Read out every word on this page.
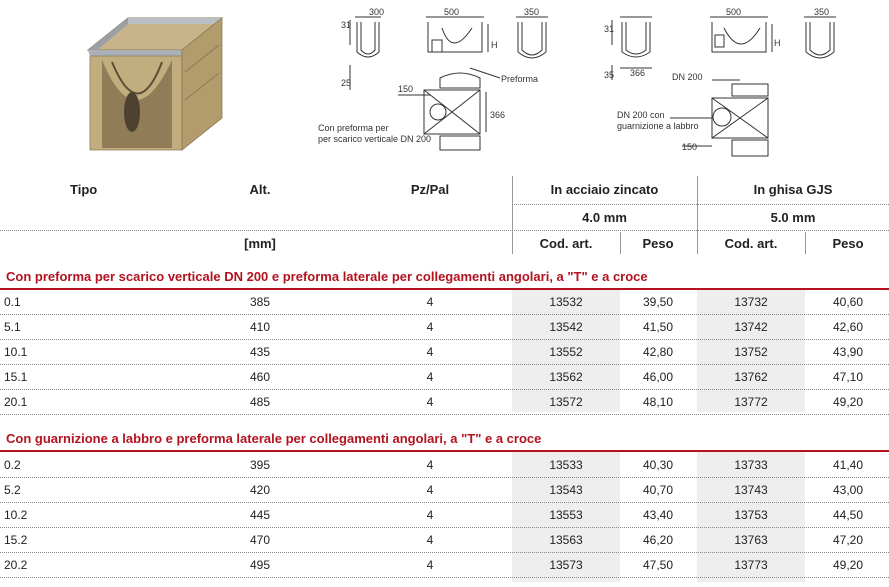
300	500	350
31
25
H
150
366
Preforma
Con preforma per
per scarico verticale DN 200
500	350
31
35 366
H
DN 200
DN 200 con
guarnizione a labbro
150
Tipo	Alt.	Pz/Pal	In acciaio zincato	In ghisa GJS
4.0 mm	5.0 mm
[mm]	Cod. art.	Peso	Cod. art.	Peso
Con preforma per scarico verticale DN 200 e preforma laterale per collegamenti angolari, a "T" e a croce
0.1	385	4	13532	39,50	13732	40,60
5.1	410	4	13542	41,50	13742	42,60
10.1	435	4	13552	42,80	13752	43,90
15.1	460	4	13562	46,00	13762	47,10
20.1	485	4	13572	48,10	13772	49,20
Con guarnizione a labbro e preforma laterale per collegamenti angolari, a "T" e a croce
0.2	395	4	13533	40,30	13733	41,40
5.2	420	4	13543	40,70	13743	43,00
10.2	445	4	13553	43,40	13753	44,50
15.2	470	4	13563	46,20	13763	47,20
20.2	495	4	13573	47,50	13773	49,20
